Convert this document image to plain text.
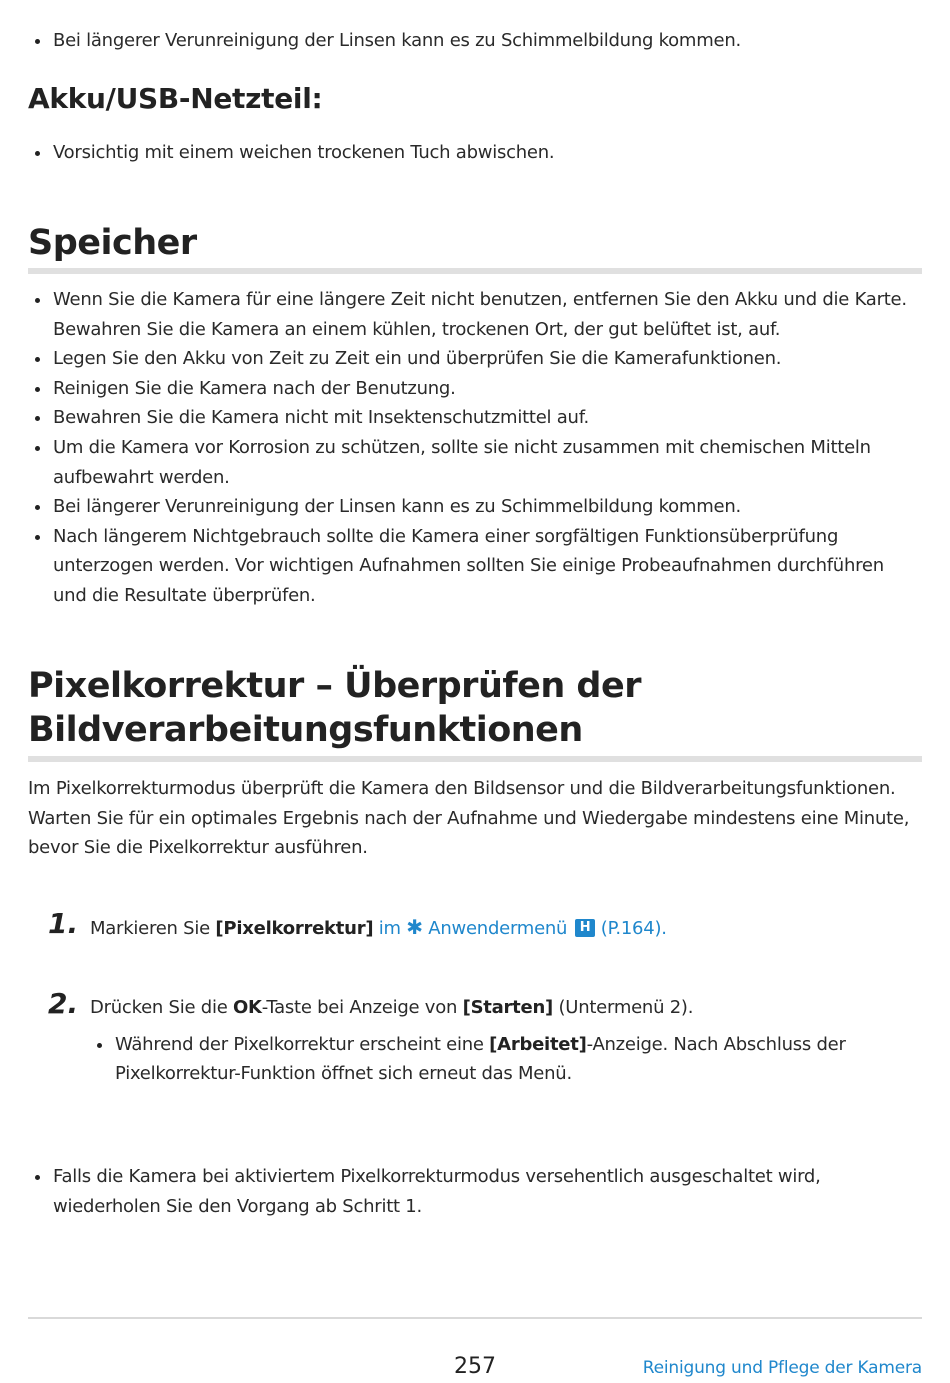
Bei längerer Verunreinigung der Linsen kann es zu Schimmelbildung kommen.
Akku/USB-Netzteil:
Vorsichtig mit einem weichen trockenen Tuch abwischen.
Speicher
Wenn Sie die Kamera für eine längere Zeit nicht benutzen, entfernen Sie den Akku und die Karte. Bewahren Sie die Kamera an einem kühlen, trockenen Ort, der gut belüftet ist, auf.
Legen Sie den Akku von Zeit zu Zeit ein und überprüfen Sie die Kamerafunktionen.
Reinigen Sie die Kamera nach der Benutzung.
Bewahren Sie die Kamera nicht mit Insektenschutzmittel auf.
Um die Kamera vor Korrosion zu schützen, sollte sie nicht zusammen mit chemischen Mitteln aufbewahrt werden.
Bei längerer Verunreinigung der Linsen kann es zu Schimmelbildung kommen.
Nach längerem Nichtgebrauch sollte die Kamera einer sorgfältigen Funktionsüberprüfung unterzogen werden. Vor wichtigen Aufnahmen sollten Sie einige Probeaufnahmen durchführen und die Resultate überprüfen.
Pixelkorrektur – Überprüfen der
Bildverarbeitungsfunktionen

Im Pixelkorrekturmodus überprüft die Kamera den Bildsensor und die Bildverarbeitungsfunktionen. Warten Sie für ein optimales Ergebnis nach der Aufnahme und Wiedergabe mindestens eine Minute, bevor Sie die Pixelkorrektur ausführen.

1. Markieren Sie [Pixelkorrektur] im ✱ Anwendermenü H (P.164).
2. Drücken Sie die OK-Taste bei Anzeige von [Starten] (Untermenü 2).
Während der Pixelkorrektur erscheint eine [Arbeitet]-Anzeige. Nach Abschluss der Pixelkorrektur-Funktion öffnet sich erneut das Menü.
Falls die Kamera bei aktiviertem Pixelkorrekturmodus versehentlich ausgeschaltet wird, wiederholen Sie den Vorgang ab Schritt 1.
257	Reinigung und Pflege der Kamera
